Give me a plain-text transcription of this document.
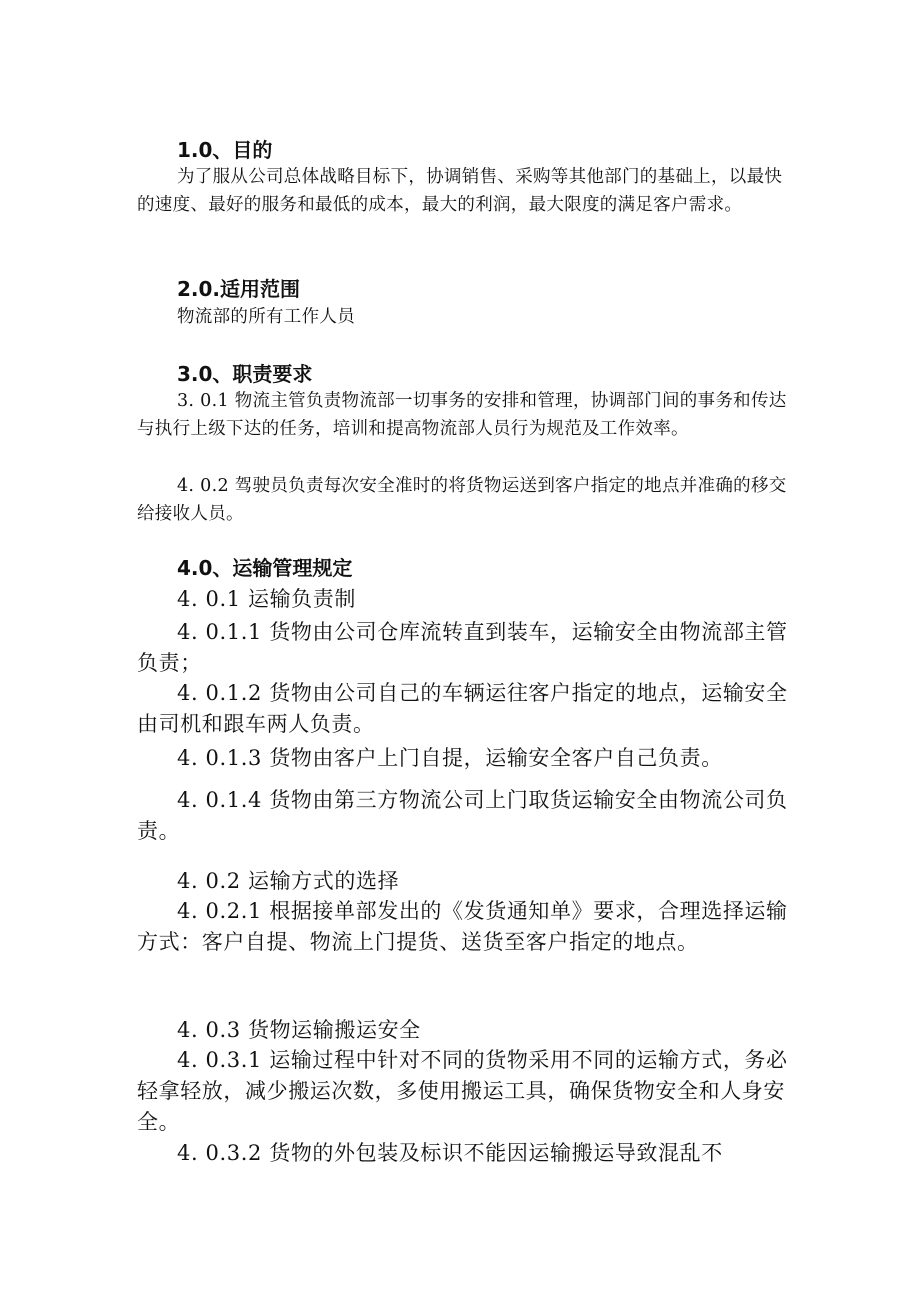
1.0、目的

为了服从公司总体战略目标下，协调销售、采购等其他部门的基础上，以最快的速度、最好的服务和最低的成本，最大的利润，最大限度的满足客户需求。

2.0.适用范围

物流部的所有工作人员

3.0、职责要求

3. 0.1 物流主管负责物流部一切事务的安排和管理，协调部门间的事务和传达与执行上级下达的任务，培训和提高物流部人员行为规范及工作效率。

4. 0.2 驾驶员负责每次安全准时的将货物运送到客户指定的地点并准确的移交给接收人员。

4.0、运输管理规定

4. 0.1 运输负责制

4. 0.1.1 货物由公司仓库流转直到装车，运输安全由物流部主管负责；

4. 0.1.2 货物由公司自己的车辆运往客户指定的地点，运输安全由司机和跟车两人负责。

4. 0.1.3 货物由客户上门自提，运输安全客户自己负责。

4. 0.1.4 货物由第三方物流公司上门取货运输安全由物流公司负责。

4. 0.2 运输方式的选择

4. 0.2.1 根据接单部发出的《发货通知单》要求，合理选择运输方式：客户自提、物流上门提货、送货至客户指定的地点。

4. 0.3 货物运输搬运安全

4. 0.3.1 运输过程中针对不同的货物采用不同的运输方式，务必轻拿轻放，减少搬运次数，多使用搬运工具，确保货物安全和人身安全。

4. 0.3.2 货物的外包装及标识不能因运输搬运导致混乱不
